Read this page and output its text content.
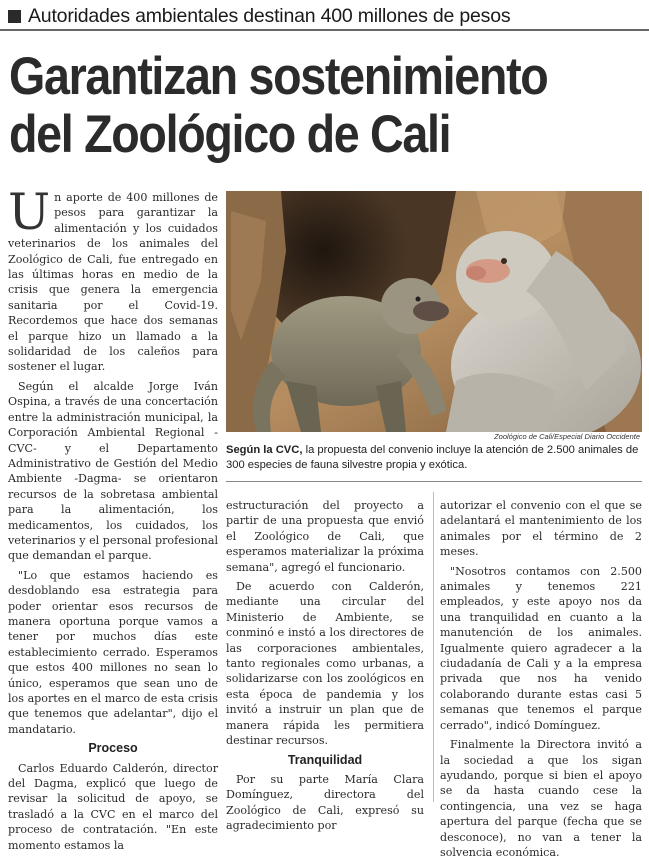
Autoridades ambientales destinan 400 millones de pesos
Garantizan sostenimiento
del Zoológico de Cali

Un aporte de 400 millones de pesos para garantizar la alimentación y los cuidados veterinarios de los animales del Zoológico de Cali, fue entregado en las últimas horas en medio de la crisis que genera la emergencia sanitaria por el Covid-19. Recordemos que hace dos semanas el parque hizo un llamado a la solidaridad de los caleños para sostener el lugar.

Según el alcalde Jorge Iván Ospina, a través de una concertación entre la administración municipal, la Corporación Ambiental Regional -CVC- y el Departamento Administrativo de Gestión del Medio Ambiente -Dagma- se orientaron recursos de la sobretasa ambiental para la alimentación, los medicamentos, los cuidados, los veterinarios y el personal profesional que demandan el parque.

"Lo que estamos haciendo es desdoblando esa estrategia para poder orientar esos recursos de manera oportuna porque vamos a tener por muchos días este establecimiento cerrado. Esperamos que estos 400 millones no sean lo único, esperamos que sean uno de los aportes en el marco de esta crisis que tenemos que adelantar", dijo el mandatario.

Proceso

Carlos Eduardo Calderón, director del Dagma, explicó que luego de revisar la solicitud de apoyo, se trasladó a la CVC en el marco del proceso de contratación. "En este momento estamos la

Zoológico de Cali/Especial Diario Occidente
Según la CVC, la propuesta del convenio incluye la atención de 2.500 animales de 300 especies de fauna silvestre propia y exótica.

estructuración del proyecto a partir de una propuesta que envió el Zoológico de Cali, que esperamos materializar la próxima semana", agregó el funcionario.

De acuerdo con Calderón, mediante una circular del Ministerio de Ambiente, se conminó e instó a los directores de las corporaciones ambientales, tanto regionales como urbanas, a solidarizarse con los zoológicos en esta época de pandemia y los invitó a instruir un plan que de manera rápida les permitiera destinar recursos.

Tranquilidad

Por su parte María Clara Domínguez, directora del Zoológico de Cali, expresó su agradecimiento por

autorizar el convenio con el que se adelantará el mantenimiento de los animales por el término de 2 meses.

"Nosotros contamos con 2.500 animales y tenemos 221 empleados, y este apoyo nos da una tranquilidad en cuanto a la manutención de los animales. Igualmente quiero agradecer a la ciudadanía de Cali y a la empresa privada que nos ha venido colaborando durante estas casi 5 semanas que tenemos el parque cerrado", indicó Domínguez.

Finalmente la Directora invitó a la sociedad a que los sigan ayudando, porque si bien el apoyo se da hasta cuando cese la contingencia, una vez se haga apertura del parque (fecha que se desconoce), no van a tener la solvencia económica.
